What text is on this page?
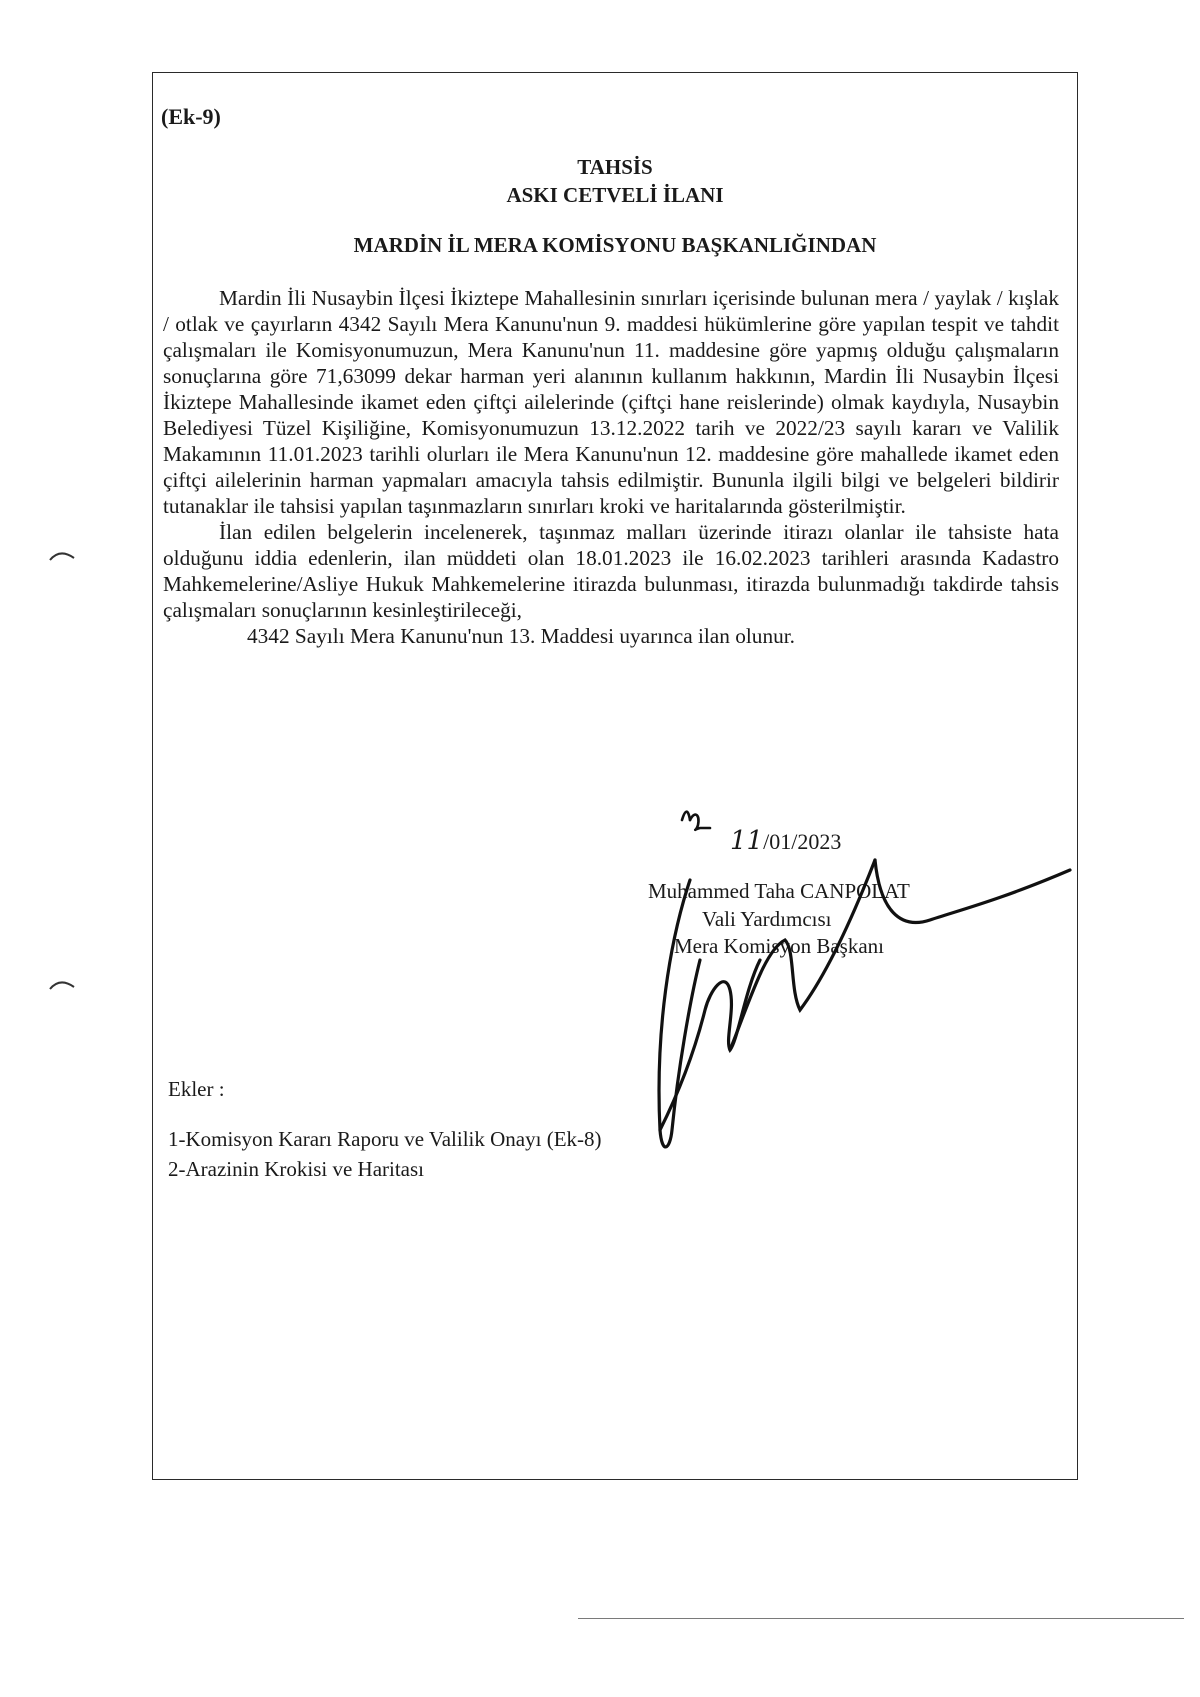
(Ek-9)
TAHSİS
ASKI CETVELİ İLANI
MARDİN İL MERA KOMİSYONU BAŞKANLIĞINDAN

Mardin İli Nusaybin İlçesi İkiztepe Mahallesinin sınırları içerisinde bulunan mera / yaylak / kışlak / otlak ve çayırların 4342 Sayılı Mera Kanunu'nun 9. maddesi hükümlerine göre yapılan tespit ve tahdit çalışmaları ile Komisyonumuzun, Mera Kanunu'nun 11. maddesine göre yapmış olduğu çalışmaların sonuçlarına göre 71,63099 dekar harman yeri alanının kullanım hakkının, Mardin İli Nusaybin İlçesi İkiztepe Mahallesinde ikamet eden çiftçi ailelerinde (çiftçi hane reislerinde) olmak kaydıyla, Nusaybin Belediyesi Tüzel Kişiliğine, Komisyonumuzun 13.12.2022 tarih ve 2022/23 sayılı kararı ve Valilik Makamının 11.01.2023 tarihli olurları ile Mera Kanunu'nun 12. maddesine göre mahallede ikamet eden çiftçi ailelerinin harman yapmaları amacıyla tahsis edilmiştir. Bununla ilgili bilgi ve belgeleri bildirir tutanaklar ile tahsisi yapılan taşınmazların sınırları kroki ve haritalarında gösterilmiştir.

İlan edilen belgelerin incelenerek, taşınmaz malları üzerinde itirazı olanlar ile tahsiste hata olduğunu iddia edenlerin, ilan müddeti olan 18.01.2023 ile 16.02.2023 tarihleri arasında Kadastro Mahkemelerine/Asliye Hukuk Mahkemelerine itirazda bulunması, itirazda bulunmadığı takdirde tahsis çalışmaları sonuçlarının kesinleştirileceği,

4342 Sayılı Mera Kanunu'nun 13. Maddesi uyarınca ilan olunur.

11/01/2023
Muhammed Taha CANPOLAT
Vali Yardımcısı
Mera Komisyon Başkanı
Ekler :
1-Komisyon Kararı Raporu ve Valilik Onayı (Ek-8)
2-Arazinin Krokisi ve Haritası
